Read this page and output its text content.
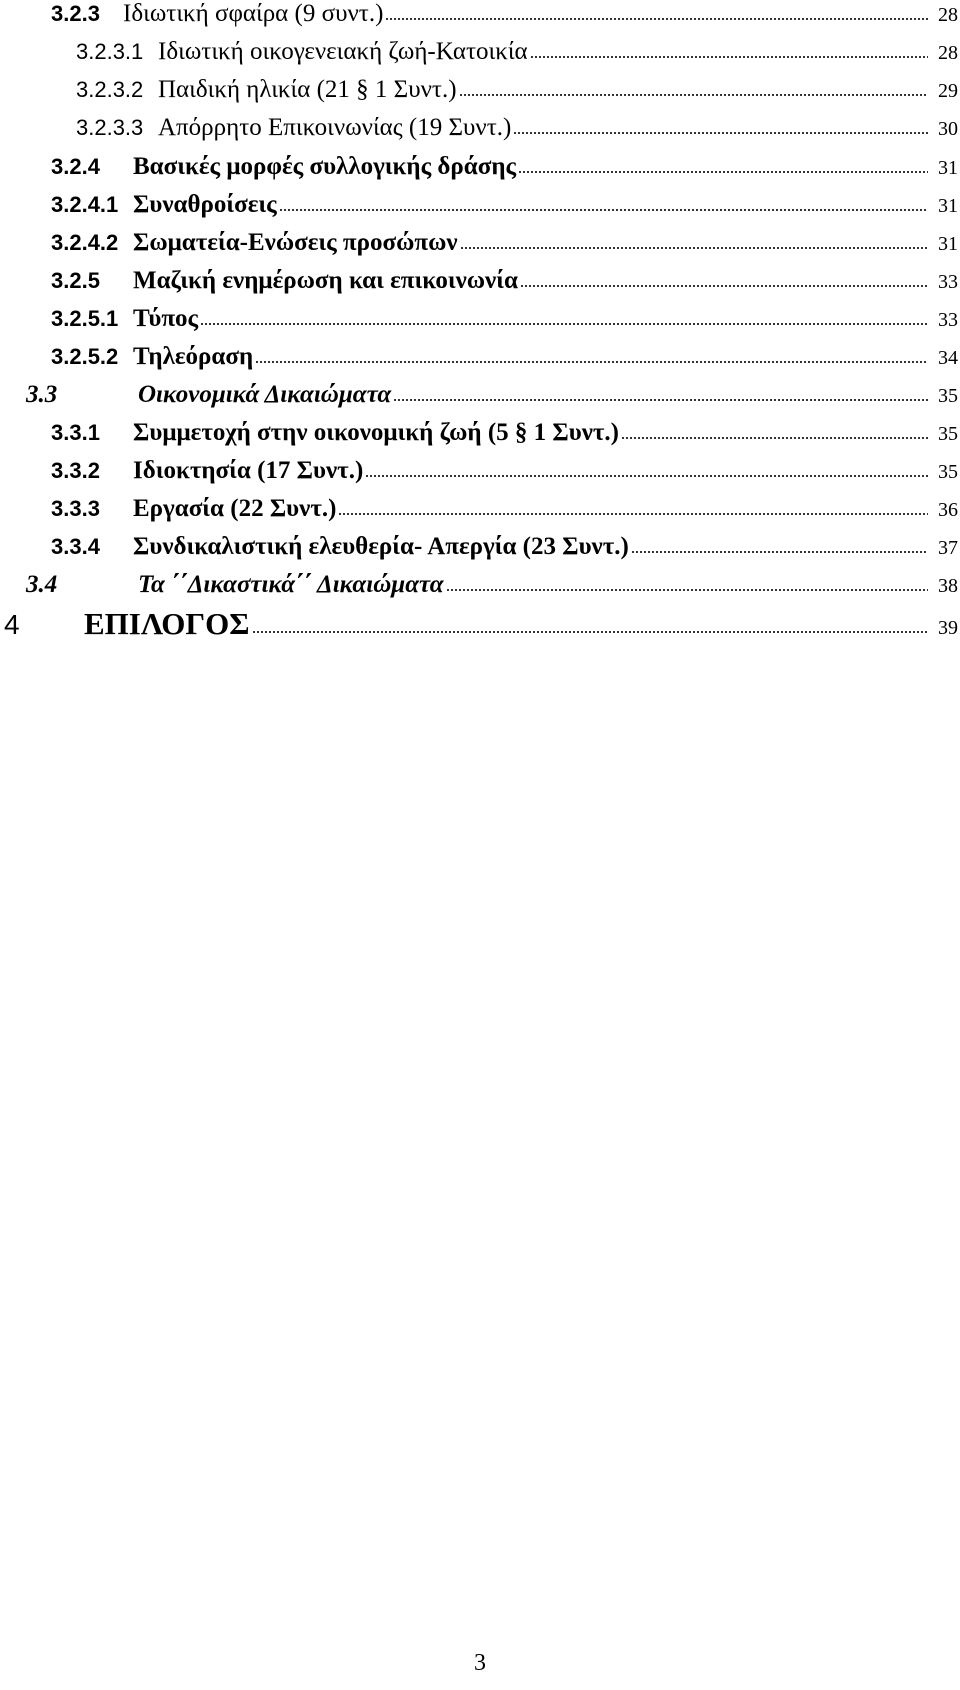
3.2.3 Ιδιωτική σφαίρα (9 συντ.)	28
3.2.3.1 Ιδιωτική οικογενειακή ζωή-Κατοικία	28
3.2.3.2 Παιδική ηλικία (21 § 1 Συντ.)	29
3.2.3.3 Απόρρητο Επικοινωνίας (19 Συντ.)	30
3.2.4	Βασικές μορφές συλλογικής δράσης	31
3.2.4.1 Συναθροίσεις	31
3.2.4.2 Σωματεία-Ενώσεις προσώπων	31
3.2.5	Μαζική ενημέρωση και επικοινωνία	33
3.2.5.1 Τύπος	33
3.2.5.2 Τηλεόραση	34
3.3	Οικονομικά Δικαιώματα	35
3.3.1	Συμμετοχή στην οικονομική ζωή (5 § 1 Συντ.)	35
3.3.2	Ιδιοκτησία (17 Συντ.)	35
3.3.3	Εργασία (22 Συντ.)	36
3.3.4	Συνδικαλιστική ελευθερία- Απεργία (23 Συντ.)	37
3.4	Τα ΄΄Δικαστικά΄΄ Δικαιώματα	38
4	ΕΠΙΛΟΓΟΣ	39
3
